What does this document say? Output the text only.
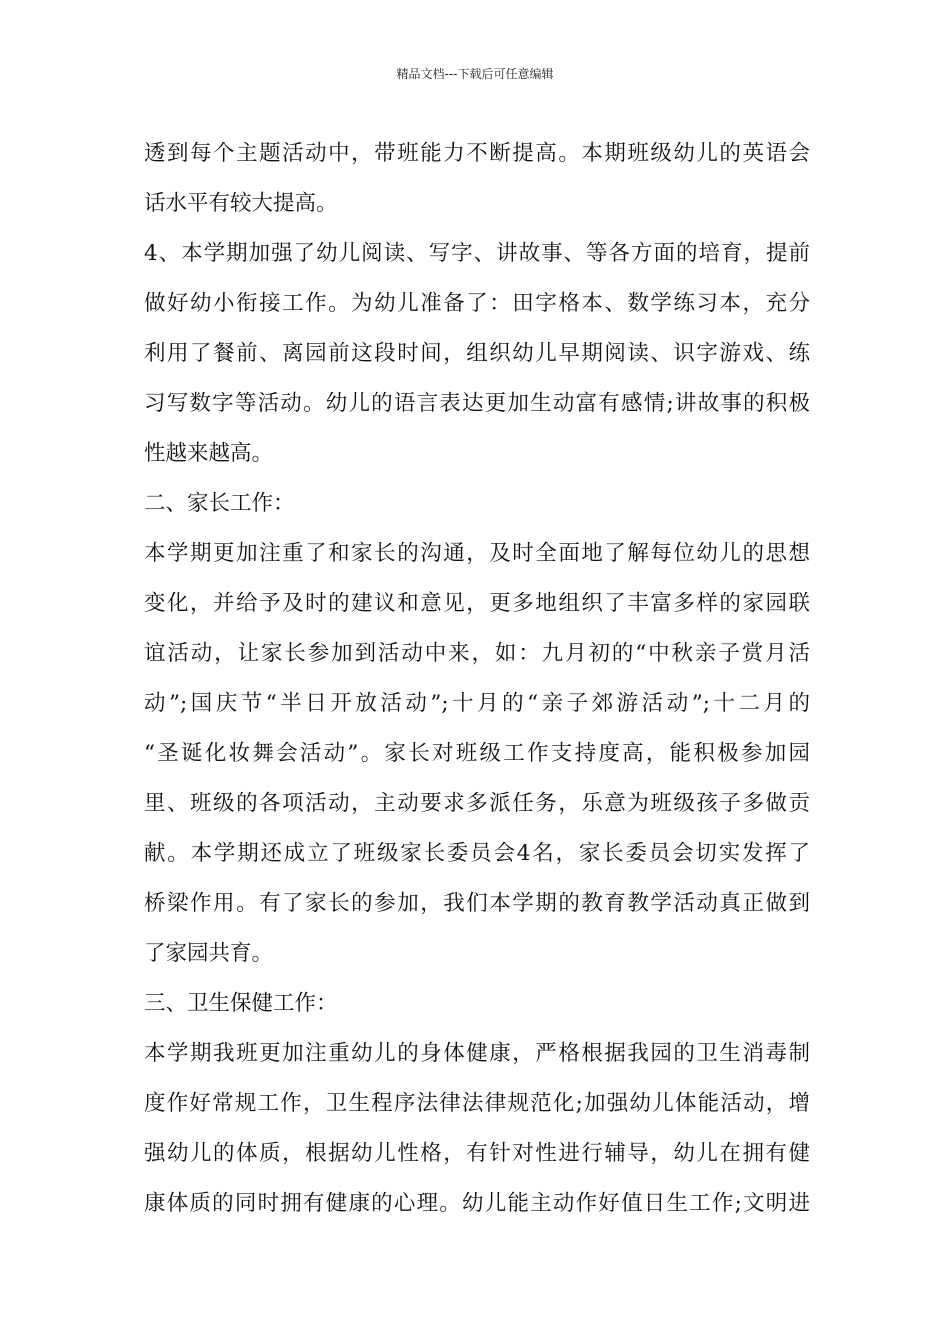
精品文档---下载后可任意编辑
透到每个主题活动中，带班能力不断提高。本期班级幼儿的英语会
话水平有较大提高。
4、本学期加强了幼儿阅读、写字、讲故事、等各方面的培育，提前
做好幼小衔接工作。为幼儿准备了：田字格本、数学练习本，充分
利用了餐前、离园前这段时间，组织幼儿早期阅读、识字游戏、练
习写数字等活动。幼儿的语言表达更加生动富有感情;讲故事的积极
性越来越高。
二、家长工作：
本学期更加注重了和家长的沟通，及时全面地了解每位幼儿的思想
变化，并给予及时的建议和意见，更多地组织了丰富多样的家园联
谊活动，让家长参加到活动中来，如：九月初的“中秋亲子赏月活
动”;国庆节“半日开放活动”;十月的“亲子郊游活动”;十二月的
“圣诞化妆舞会活动”。家长对班级工作支持度高，能积极参加园
里、班级的各项活动，主动要求多派任务，乐意为班级孩子多做贡
献。本学期还成立了班级家长委员会4名，家长委员会切实发挥了
桥梁作用。有了家长的参加，我们本学期的教育教学活动真正做到
了家园共育。
三、卫生保健工作：
本学期我班更加注重幼儿的身体健康，严格根据我园的卫生消毒制
度作好常规工作，卫生程序法律法律规范化;加强幼儿体能活动，增
强幼儿的体质，根据幼儿性格，有针对性进行辅导，幼儿在拥有健
康体质的同时拥有健康的心理。幼儿能主动作好值日生工作;文明进
